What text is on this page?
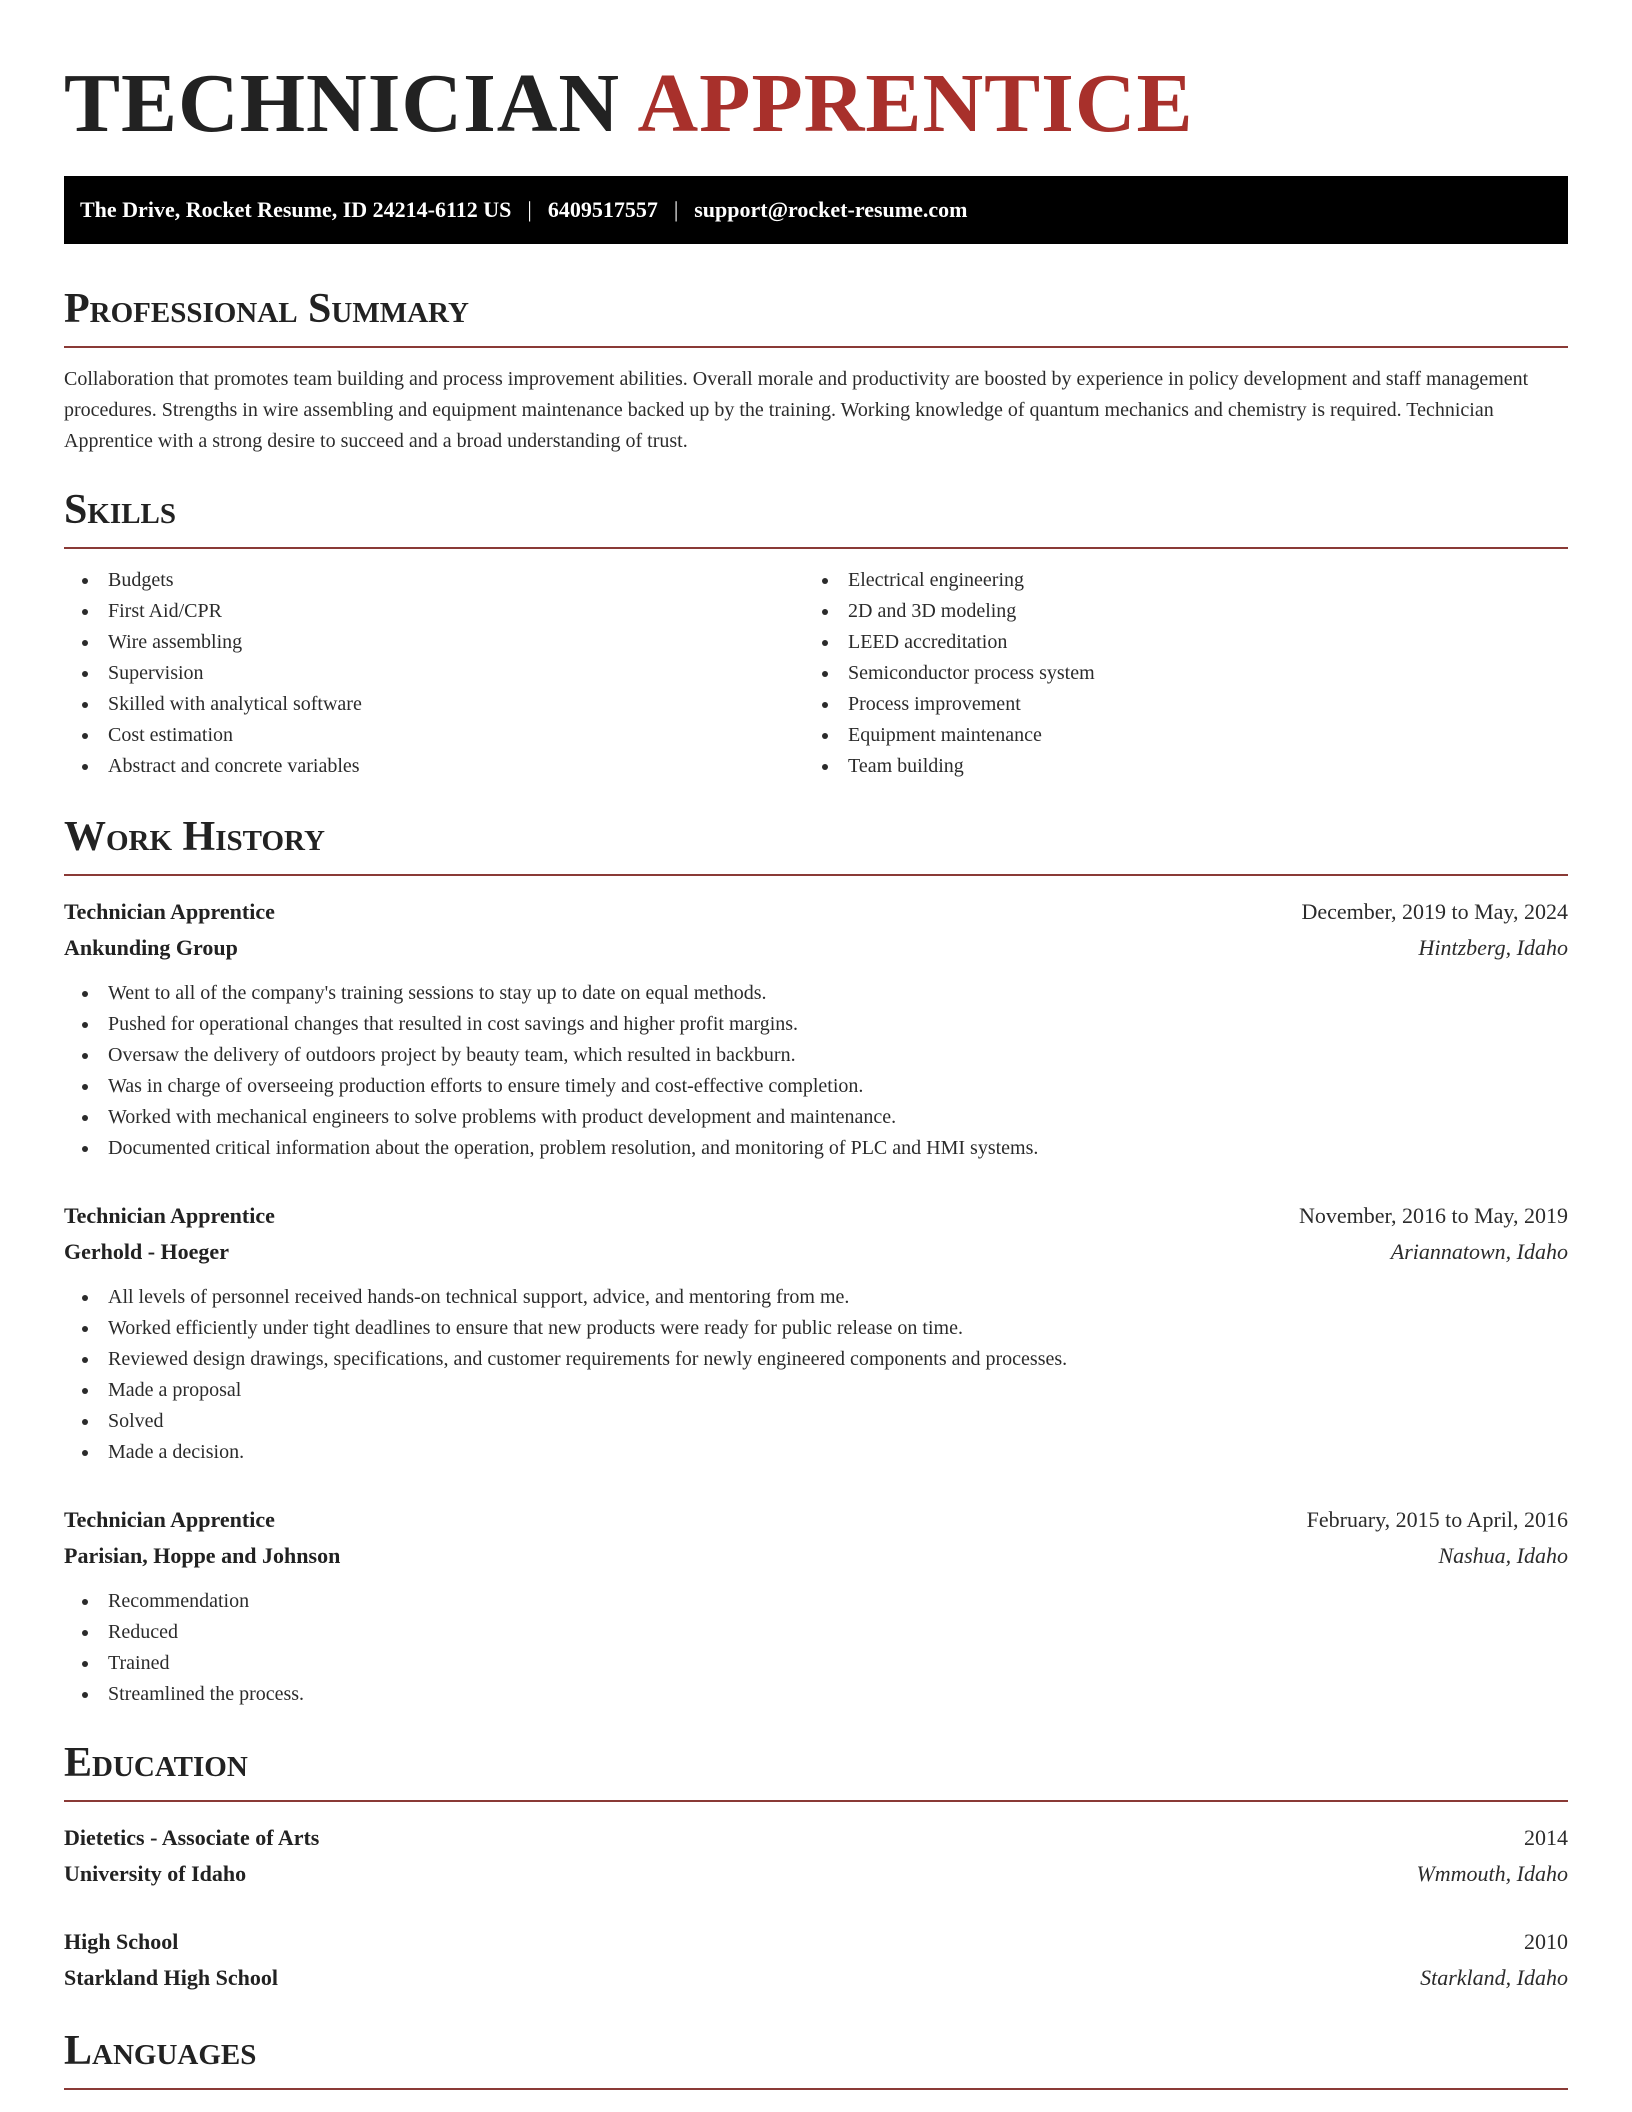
TECHNICIAN APPRENTICE
The Drive, Rocket Resume, ID 24214-6112 US | 6409517557 | support@rocket-resume.com
Professional Summary

Collaboration that promotes team building and process improvement abilities. Overall morale and productivity are boosted by experience in policy development and staff management procedures. Strengths in wire assembling and equipment maintenance backed up by the training. Working knowledge of quantum mechanics and chemistry is required. Technician Apprentice with a strong desire to succeed and a broad understanding of trust.

Skills
Budgets
First Aid/CPR
Wire assembling
Supervision
Skilled with analytical software
Cost estimation
Abstract and concrete variables
Electrical engineering
2D and 3D modeling
LEED accreditation
Semiconductor process system
Process improvement
Equipment maintenance
Team building
Work History
Technician Apprentice	December, 2019 to May, 2024
Ankunding Group	Hintzberg, Idaho
Went to all of the company's training sessions to stay up to date on equal methods.
Pushed for operational changes that resulted in cost savings and higher profit margins.
Oversaw the delivery of outdoors project by beauty team, which resulted in backburn.
Was in charge of overseeing production efforts to ensure timely and cost-effective completion.
Worked with mechanical engineers to solve problems with product development and maintenance.
Documented critical information about the operation, problem resolution, and monitoring of PLC and HMI systems.
Technician Apprentice	November, 2016 to May, 2019
Gerhold - Hoeger	Ariannatown, Idaho
All levels of personnel received hands-on technical support, advice, and mentoring from me.
Worked efficiently under tight deadlines to ensure that new products were ready for public release on time.
Reviewed design drawings, specifications, and customer requirements for newly engineered components and processes.
Made a proposal
Solved
Made a decision.
Technician Apprentice	February, 2015 to April, 2016
Parisian, Hoppe and Johnson	Nashua, Idaho
Recommendation
Reduced
Trained
Streamlined the process.
Education
Dietetics - Associate of Arts	2014
University of Idaho	Wmmouth, Idaho
High School	2010
Starkland High School	Starkland, Idaho
Languages
